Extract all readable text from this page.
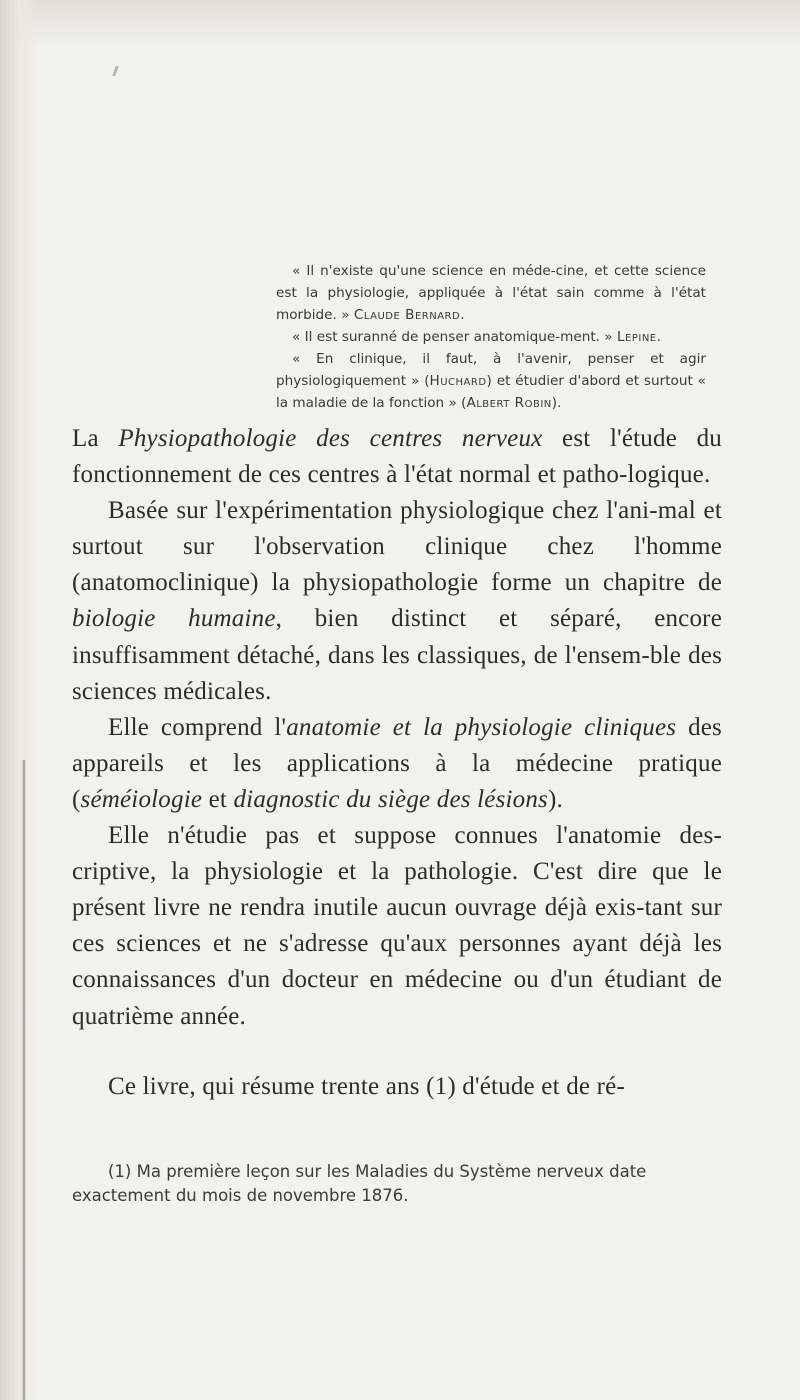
« Il n'existe qu'une science en méde-cine, et cette science est la physiologie, appliquée à l'état sain comme à l'état morbide. » Claude Bernard.

« Il est suranné de penser anatomique-ment. » Lepine.

« En clinique, il faut, à l'avenir, penser et agir physiologiquement » (Huchard) et étudier d'abord et surtout « la maladie de la fonction » (Albert Robin).

La Physiopathologie des centres nerveux est l'étude du fonctionnement de ces centres à l'état normal et patho-logique.

Basée sur l'expérimentation physiologique chez l'ani-mal et surtout sur l'observation clinique chez l'homme (anatomoclinique) la physiopathologie forme un chapitre de biologie humaine, bien distinct et séparé, encore insuffisamment détaché, dans les classiques, de l'ensem-ble des sciences médicales.

Elle comprend l'anatomie et la physiologie cliniques des appareils et les applications à la médecine pratique (séméiologie et diagnostic du siège des lésions).

Elle n'étudie pas et suppose connues l'anatomie des-criptive, la physiologie et la pathologie. C'est dire que le présent livre ne rendra inutile aucun ouvrage déjà exis-tant sur ces sciences et ne s'adresse qu'aux personnes ayant déjà les connaissances d'un docteur en médecine ou d'un étudiant de quatrième année.

Ce livre, qui résume trente ans (1) d'étude et de ré-

(1) Ma première leçon sur les Maladies du Système nerveux date exactement du mois de novembre 1876.
